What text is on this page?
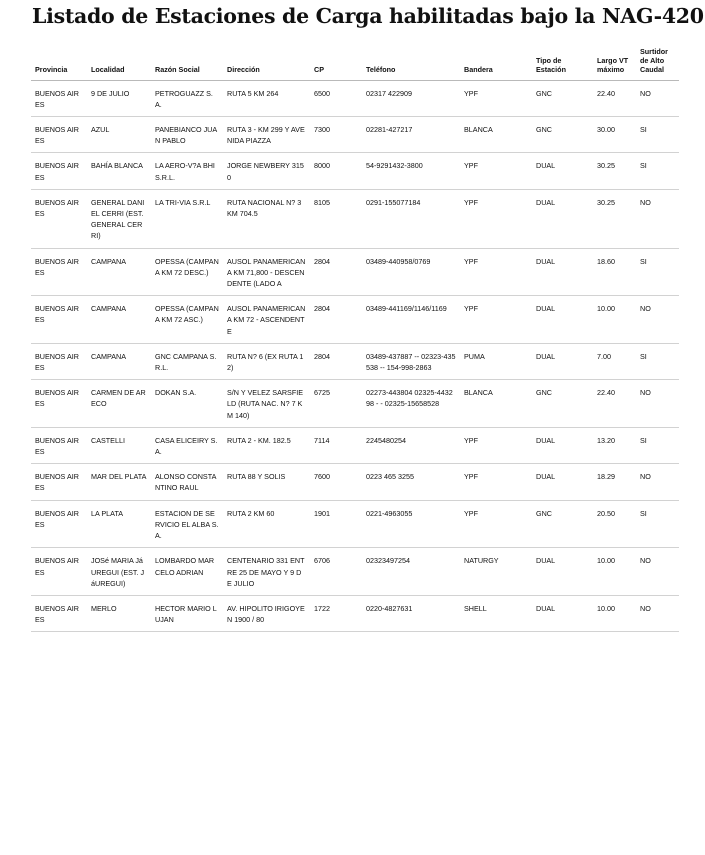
Listado de Estaciones de Carga habilitadas bajo la NAG-420
Provincia	Localidad	Razón Social	Dirección	CP	Teléfono	Bandera	Tipo de Estación	Largo VT máximo	Surtidor de Alto Caudal
BUENOS AIRES	9 DE JULIO	PETROGUAZZ S.A.	RUTA 5 KM 264	6500	02317 422909	YPF	GNC	22.40	NO
BUENOS AIRES	AZUL	PANEBIANCO JUAN PABLO	RUTA 3 - KM 299 Y AVENIDA PIAZZA	7300	02281-427217	BLANCA	GNC	30.00	SI
BUENOS AIRES	BAHÍA BLANCA	LA AERO-V?A BHI S.R.L.	JORGE NEWBERY 3150	8000	54-9291432-3800	YPF	DUAL	30.25	SI
BUENOS AIRES	GENERAL DANIEL CERRI (EST. GENERAL CERRI)	LA TRI-VIA S.R.L	RUTA NACIONAL N? 3 KM 704.5	8105	0291-155077184	YPF	DUAL	30.25	NO
BUENOS AIRES	CAMPANA	OPESSA (CAMPANA KM 72 DESC.)	AUSOL PANAMERICANA KM 71,800 - DESCENDENTE (LADO A	2804	03489-440958/0769	YPF	DUAL	18.60	SI
BUENOS AIRES	CAMPANA	OPESSA (CAMPANA KM 72 ASC.)	AUSOL PANAMERICANA KM 72 - ASCENDENTE	2804	03489-441169/1146/1169	YPF	DUAL	10.00	NO
BUENOS AIRES	CAMPANA	GNC CAMPANA S.R.L.	RUTA N? 6 (EX RUTA 12)	2804	03489-437887 -- 02323-435538 -- 154-998-2863	PUMA	DUAL	7.00	SI
BUENOS AIRES	CARMEN DE ARECO	DOKAN S.A.	S/N Y VELEZ SARSFIELD (RUTA NAC. N? 7 KM 140)	6725	02273-443804 02325-443298 - - 02325-15658528	BLANCA	GNC	22.40	NO
BUENOS AIRES	CASTELLI	CASA ELICEIRY S.A.	RUTA 2 - KM. 182.5	7114	2245480254	YPF	DUAL	13.20	SI
BUENOS AIRES	MAR DEL PLATA	ALONSO CONSTANTINO RAUL	RUTA 88 Y SOLIS	7600	0223 465 3255	YPF	DUAL	18.29	NO
BUENOS AIRES	LA PLATA	ESTACION DE SERVICIO EL ALBA S.A.	RUTA 2 KM 60	1901	0221-4963055	YPF	GNC	20.50	SI
BUENOS AIRES	JOSé MARIA JáUREGUI (EST. JáUREGUI)	LOMBARDO MARCELO ADRIAN	CENTENARIO 331 ENTRE 25 DE MAYO Y 9 DE JULIO	6706	02323497254	NATURGY	DUAL	10.00	NO
BUENOS AIRES	MERLO	HECTOR MARIO LUJAN	AV. HIPOLITO IRIGOYEN 1900 / 80	1722	0220-4827631	SHELL	DUAL	10.00	NO
